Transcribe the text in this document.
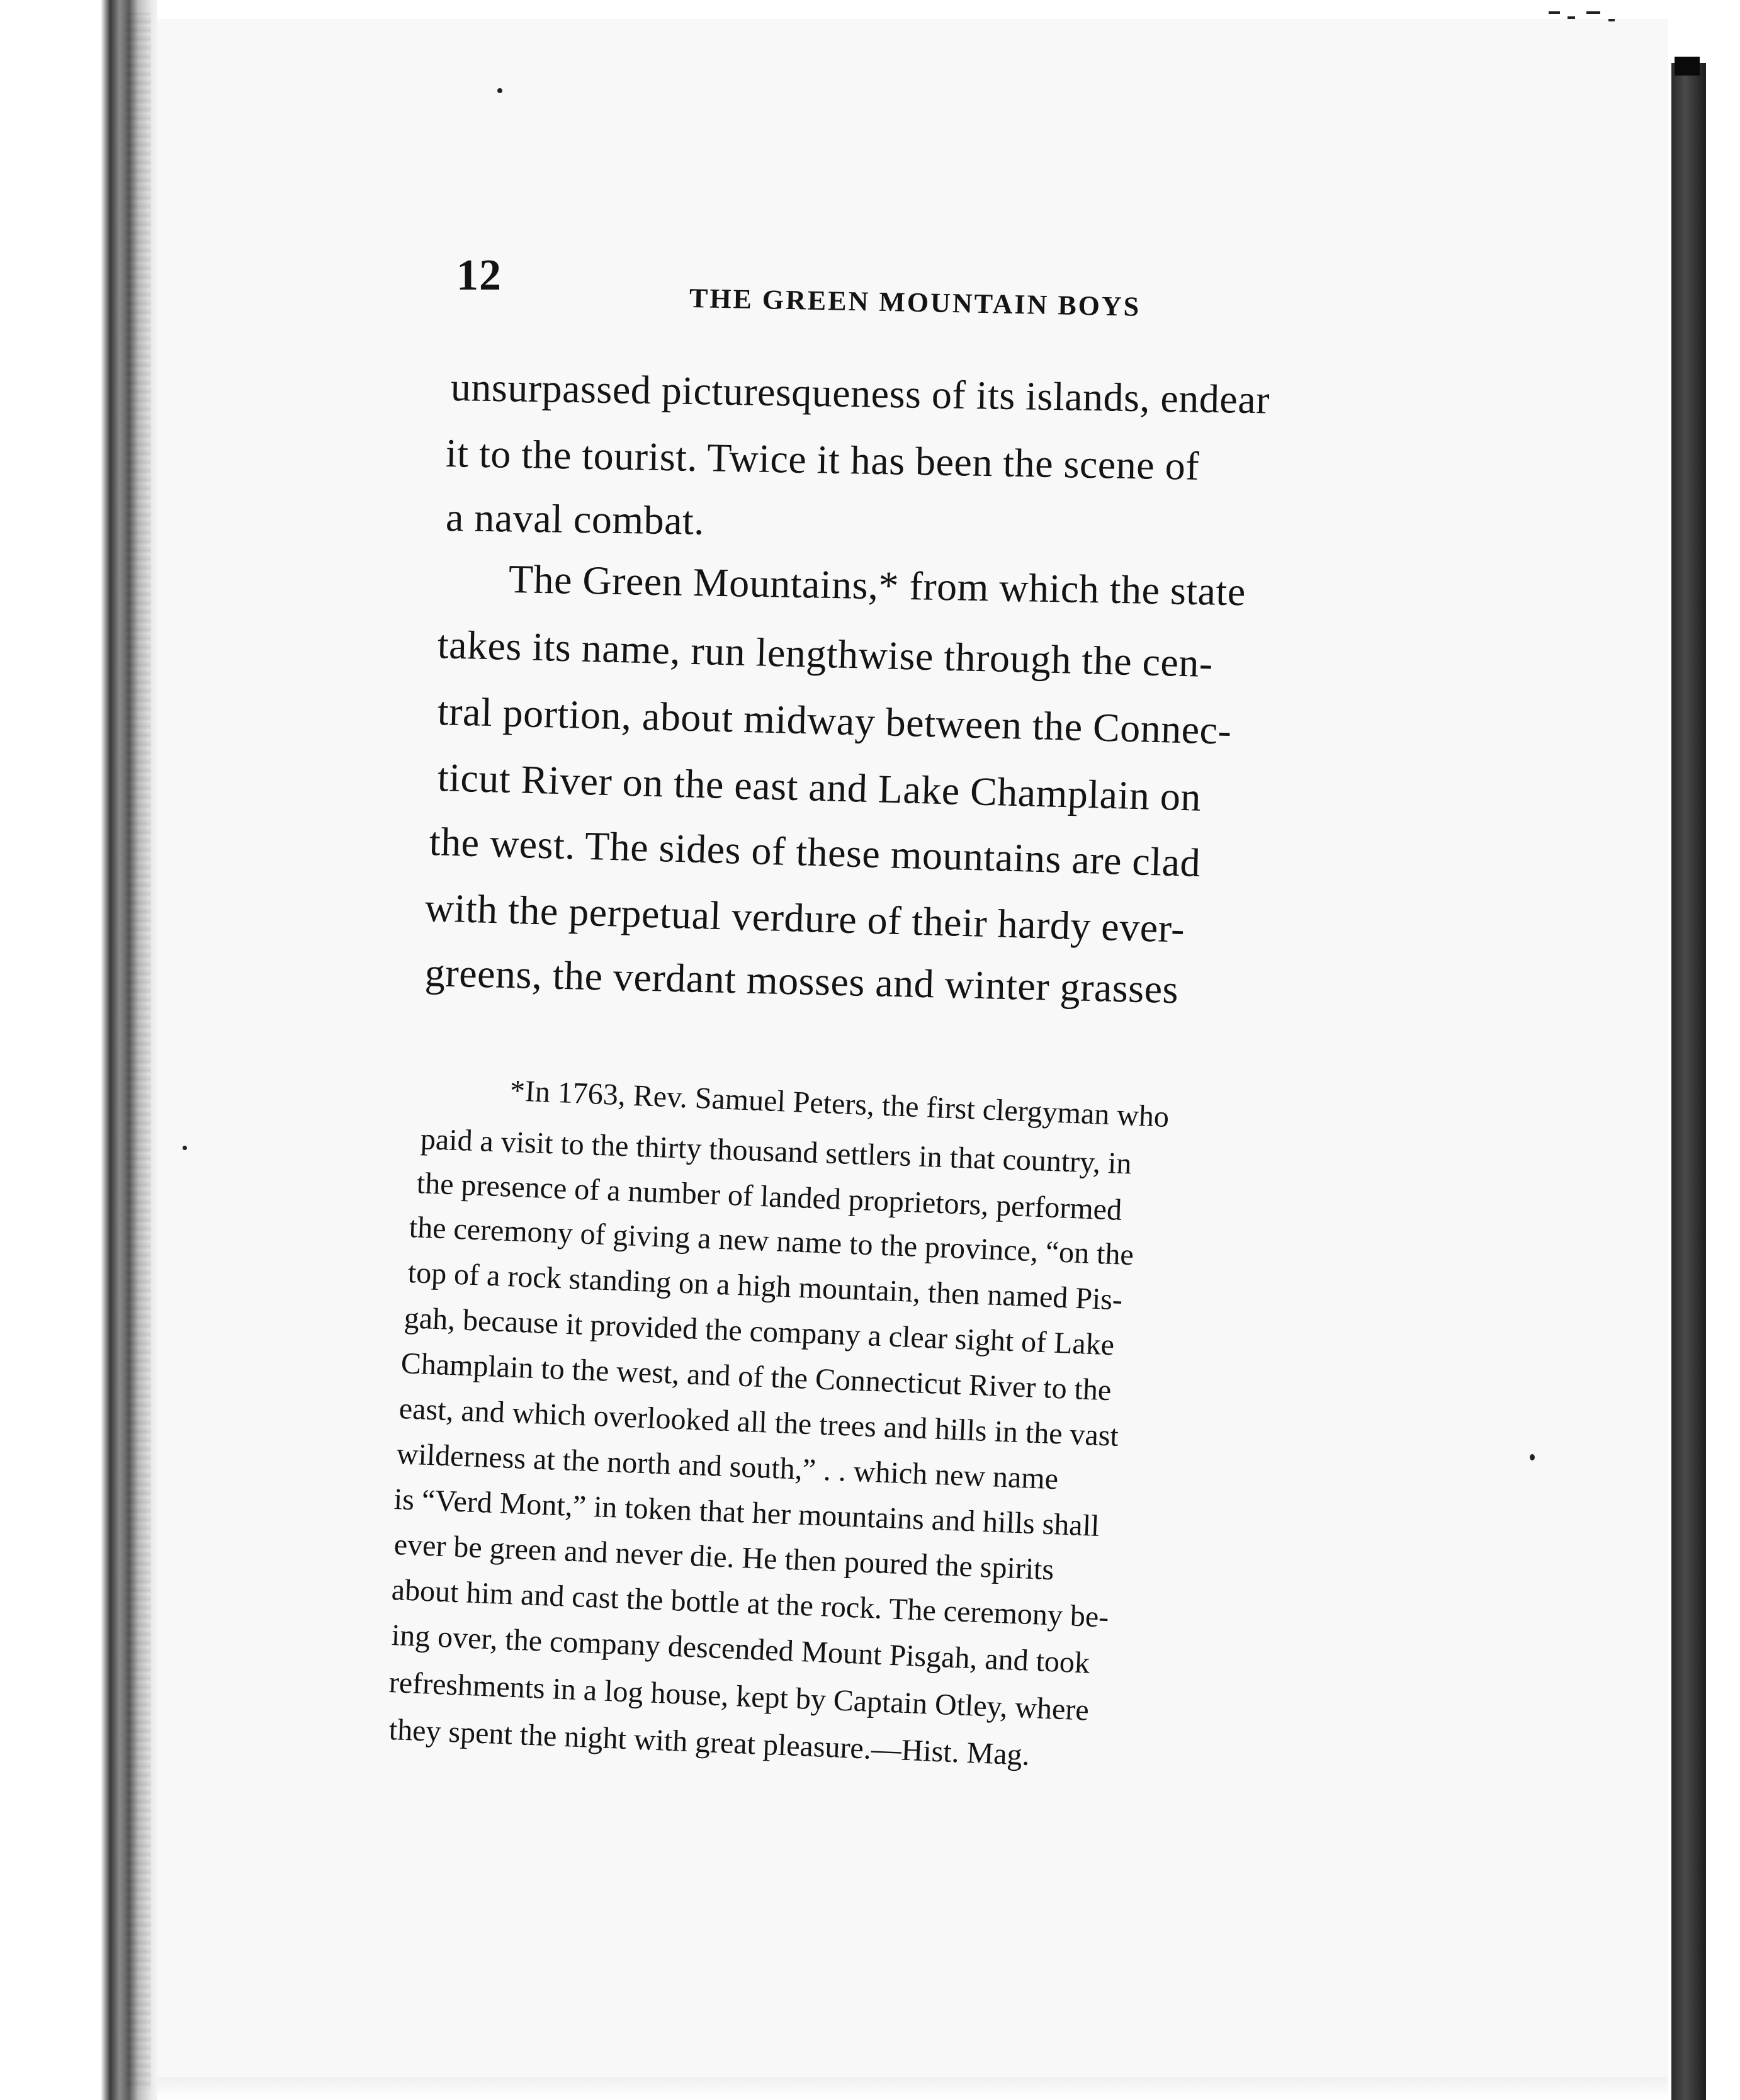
12
THE GREEN MOUNTAIN BOYS
unsurpassed picturesqueness of its islands, endear
it to the tourist. Twice it has been the scene of
a naval combat.
The Green Mountains,* from which the state
takes its name, run lengthwise through the cen-
tral portion, about midway between the Connec-
ticut River on the east and Lake Champlain on
the west. The sides of these mountains are clad
with the perpetual verdure of their hardy ever-
greens, the verdant mosses and winter grasses
*In 1763, Rev. Samuel Peters, the first clergyman who
paid a visit to the thirty thousand settlers in that country, in
the presence of a number of landed proprietors, performed
the ceremony of giving a new name to the province, “on the
top of a rock standing on a high mountain, then named Pis-
gah, because it provided the company a clear sight of Lake
Champlain to the west, and of the Connecticut River to the
east, and which overlooked all the trees and hills in the vast
wilderness at the north and south,” . . which new name
is “Verd Mont,” in token that her mountains and hills shall
ever be green and never die. He then poured the spirits
about him and cast the bottle at the rock. The ceremony be-
ing over, the company descended Mount Pisgah, and took
refreshments in a log house, kept by Captain Otley, where
they spent the night with great pleasure.—Hist. Mag.
